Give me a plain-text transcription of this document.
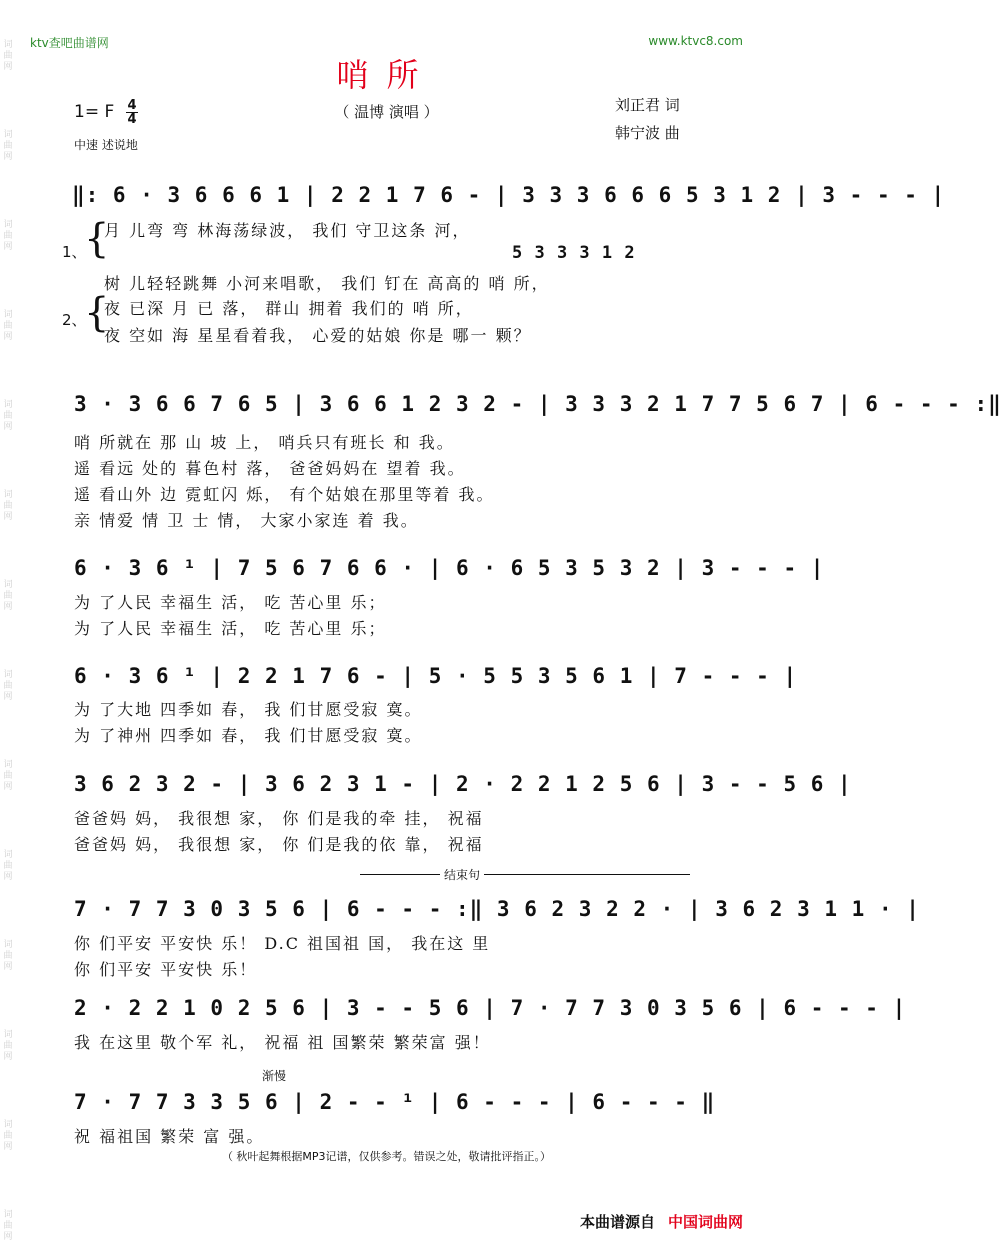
词
曲
网
词
曲
网
词
曲
网
词
曲
网
词
曲
网
词
曲
网
词
曲
网
词
曲
网
词
曲
网
词
曲
网
词
曲
网
词
曲
网
词
曲
网
词
曲
网
ktv查吧曲谱网	www.ktvc8.com
哨所
（ 温博 演唱 ）
1= F 4
4
中速 述说地
刘正君 词
韩宁波 曲
‖: 6 · 3 6 6 6 1 | 2 2 1 7 6 - | 3 3 3 6 6 6 5 3 1 2 | 3 - - - |
月 儿弯 弯 林海荡绿波， 我们 守卫这条 河，
5 3 3 3 1 2
1、
{
树 儿轻轻跳舞 小河来唱歌， 我们 钉在 高高的 哨 所，
2、
{
夜 已深 月 已 落， 群山 拥着 我们的 哨 所，
夜 空如 海 星星看着我， 心爱的姑娘 你是 哪一 颗？
3 · 3 6 6 7 6 5 | 3 6 6 1 2 3 2 - | 3 3 3 2 1 7 7 5 6 7 | 6 - - - :‖
哨 所就在 那 山 坡 上， 哨兵只有班长 和 我。
遥 看远 处的 暮色村 落， 爸爸妈妈在 望着 我。
遥 看山外 边 霓虹闪 烁， 有个姑娘在那里等着 我。
亲 情爱 情 卫 士 情， 大家小家连 着 我。
6 · 3 6 ¹ | 7 5 6 7 6 6 · | 6 · 6 5 3 5 3 2 | 3 - - - |
为 了人民 幸福生 活， 吃 苦心里 乐；
为 了人民 幸福生 活， 吃 苦心里 乐；
6 · 3 6 ¹ | 2 2 1 7 6 - | 5 · 5 5 3 5 6 1 | 7 - - - |
为 了大地 四季如 春， 我 们甘愿受寂 寞。
为 了神州 四季如 春， 我 们甘愿受寂 寞。
3 6 2 3 2 - | 3 6 2 3 1 - | 2 · 2 2 1 2 5 6 | 3 - - 5 6 |
爸爸妈 妈， 我很想 家， 你 们是我的牵 挂， 祝福
爸爸妈 妈， 我很想 家， 你 们是我的依 靠， 祝福
结束句
7 · 7 7 3 0 3 5 6 | 6 - - - :‖ 3 6 2 3 2 2 · | 3 6 2 3 1 1 · |
你 们平安 平安快 乐！ D.C 祖国祖 国， 我在这 里
你 们平安 平安快 乐！
2 · 2 2 1 0 2 5 6 | 3 - - 5 6 | 7 · 7 7 3 0 3 5 6 | 6 - - - |
我 在这里 敬个军 礼， 祝福 祖 国繁荣 繁荣富 强！
渐慢
7 · 7 7 3 3 5 6 | 2 - - ¹ | 6 - - - | 6 - - - ‖
祝 福祖国 繁荣 富 强。
（ 秋叶起舞根据MP3记谱，仅供参考。错误之处，敬请批评指正。）
本曲谱源自 中国词曲网
